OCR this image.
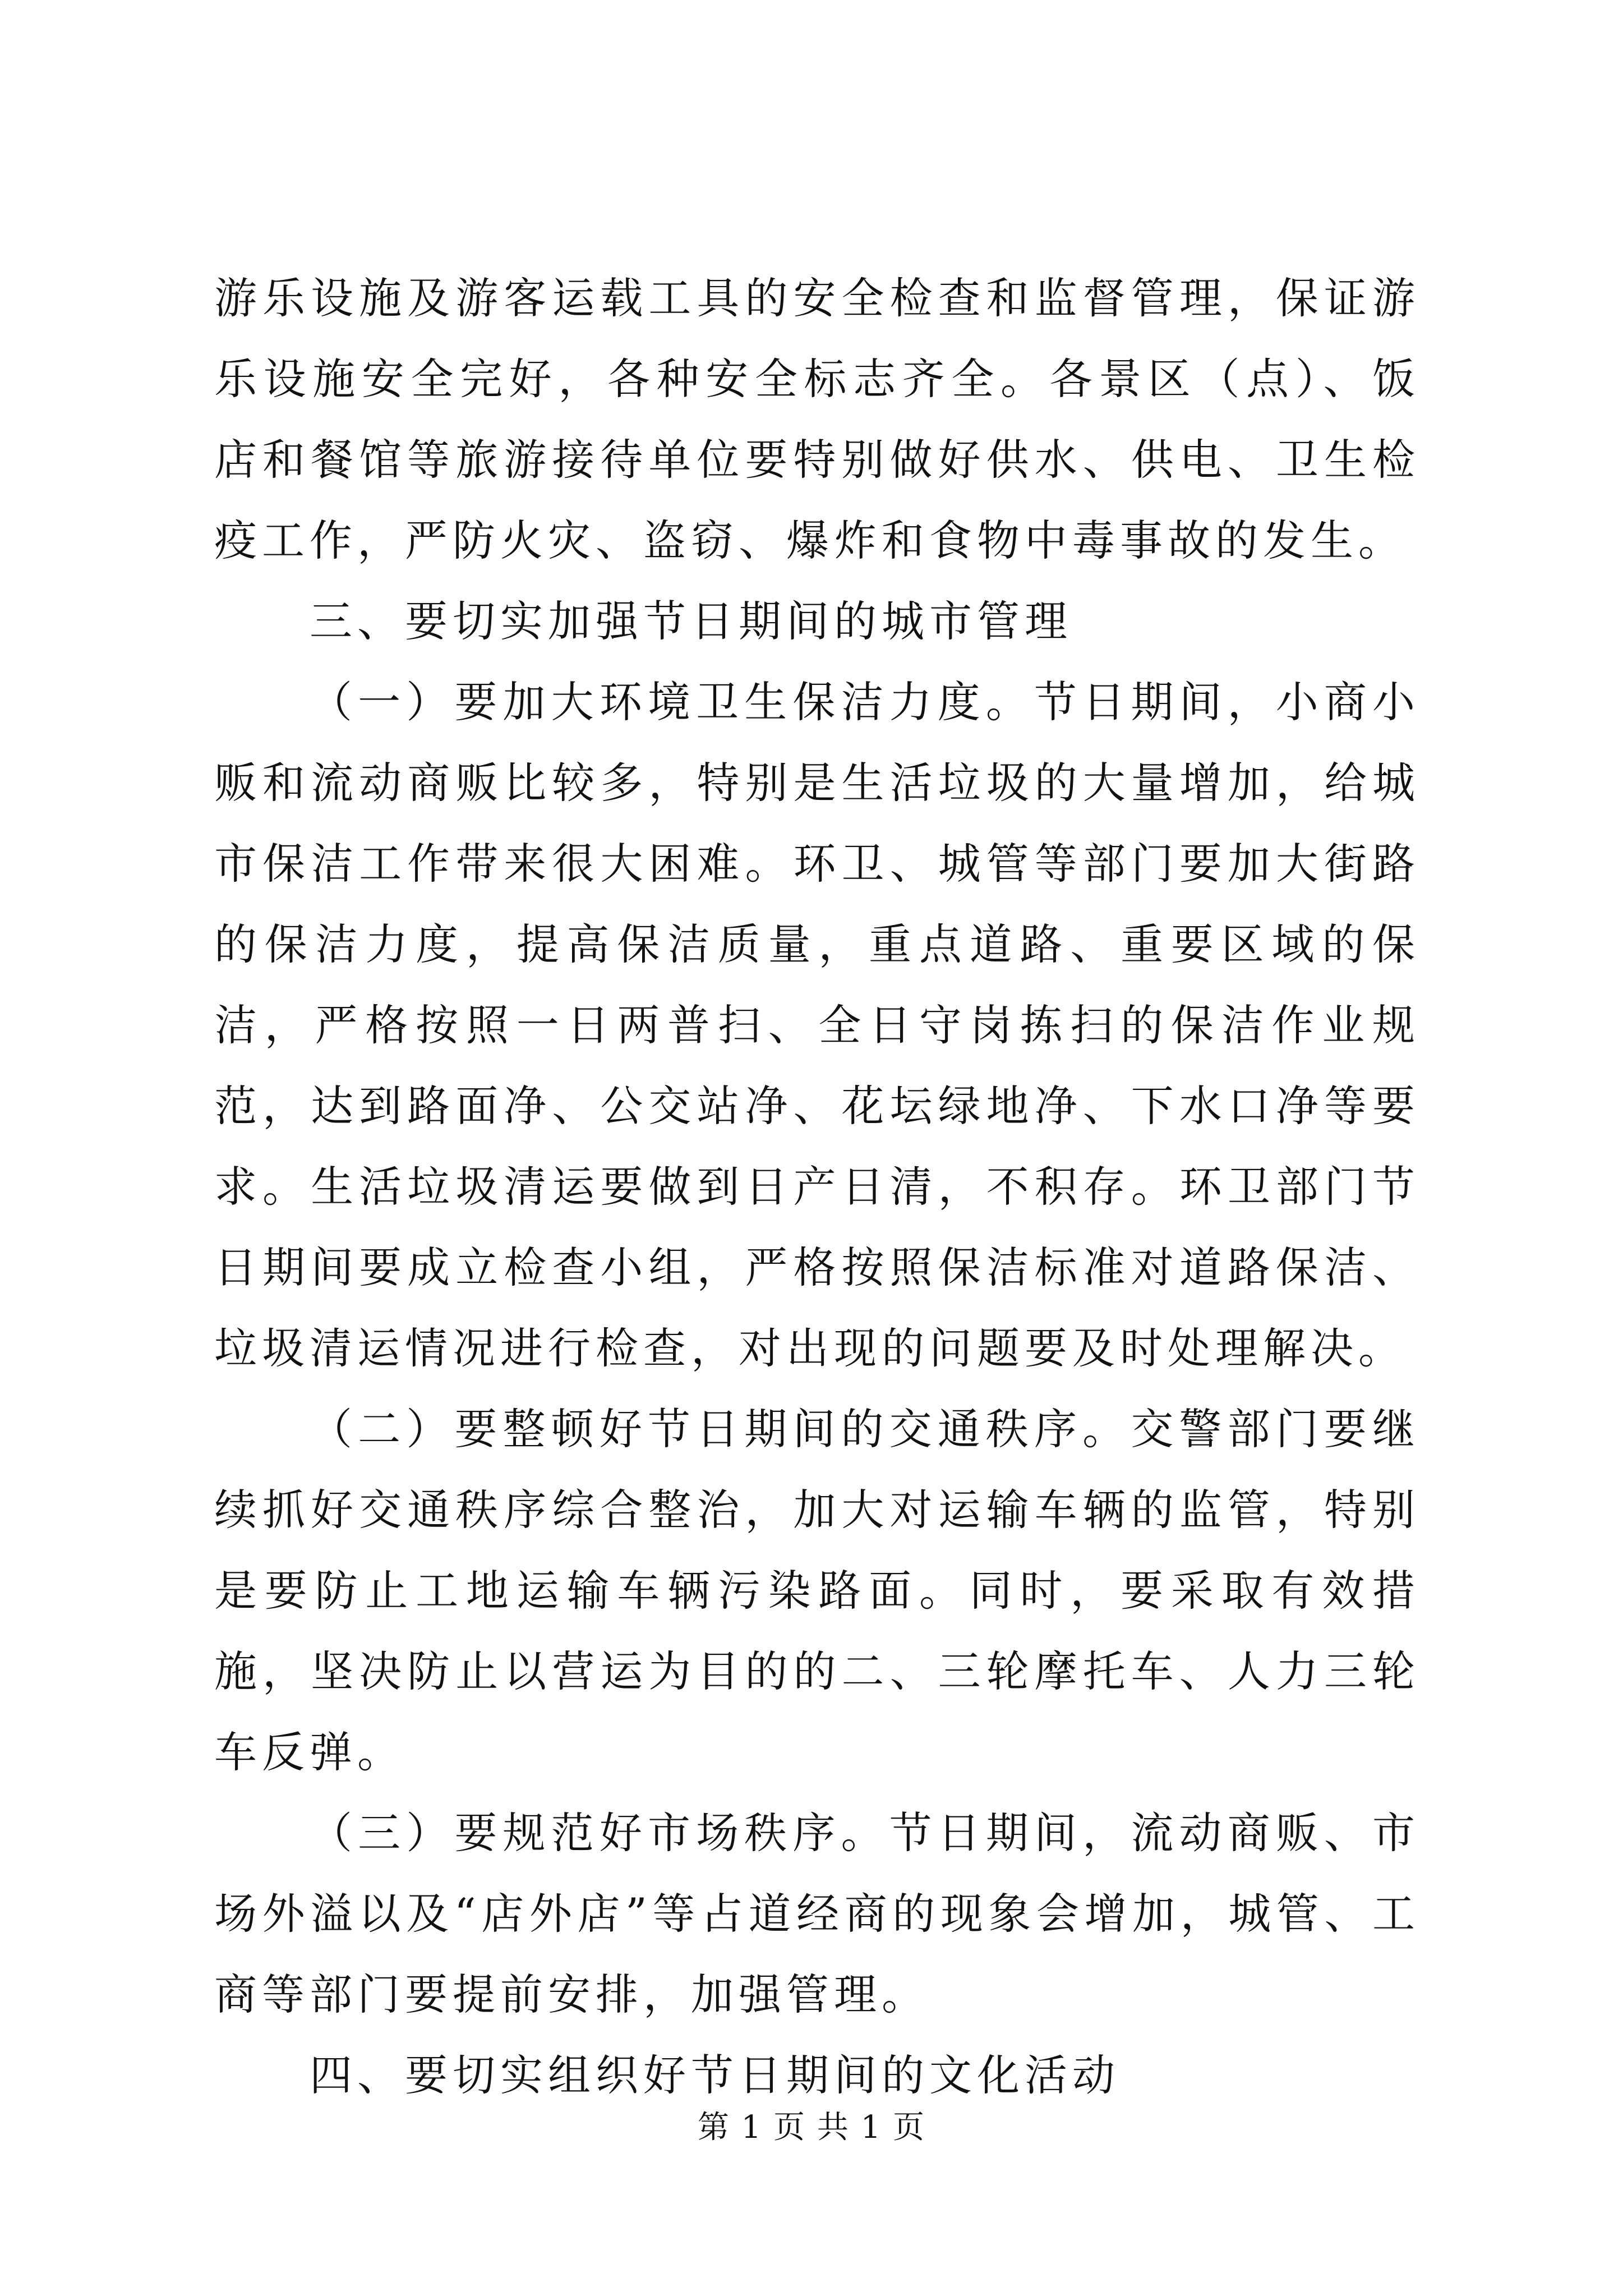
游乐设施及游客运载工具的安全检查和监督管理，保证游乐设施安全完好，各种安全标志齐全。各景区（点）、饭店和餐馆等旅游接待单位要特别做好供水、供电、卫生检疫工作，严防火灾、盗窃、爆炸和食物中毒事故的发生。

三、要切实加强节日期间的城市管理

（一）要加大环境卫生保洁力度。节日期间，小商小贩和流动商贩比较多，特别是生活垃圾的大量增加，给城市保洁工作带来很大困难。环卫、城管等部门要加大街路的保洁力度，提高保洁质量，重点道路、重要区域的保洁，严格按照一日两普扫、全日守岗拣扫的保洁作业规范，达到路面净、公交站净、花坛绿地净、下水口净等要求。生活垃圾清运要做到日产日清，不积存。环卫部门节日期间要成立检查小组，严格按照保洁标准对道路保洁、垃圾清运情况进行检查，对出现的问题要及时处理解决。

（二）要整顿好节日期间的交通秩序。交警部门要继续抓好交通秩序综合整治，加大对运输车辆的监管，特别是要防止工地运输车辆污染路面。同时，要采取有效措施，坚决防止以营运为目的的二、三轮摩托车、人力三轮车反弹。

（三）要规范好市场秩序。节日期间，流动商贩、市场外溢以及“店外店”等占道经商的现象会增加，城管、工商等部门要提前安排，加强管理。

四、要切实组织好节日期间的文化活动

第 1 页 共 1 页
